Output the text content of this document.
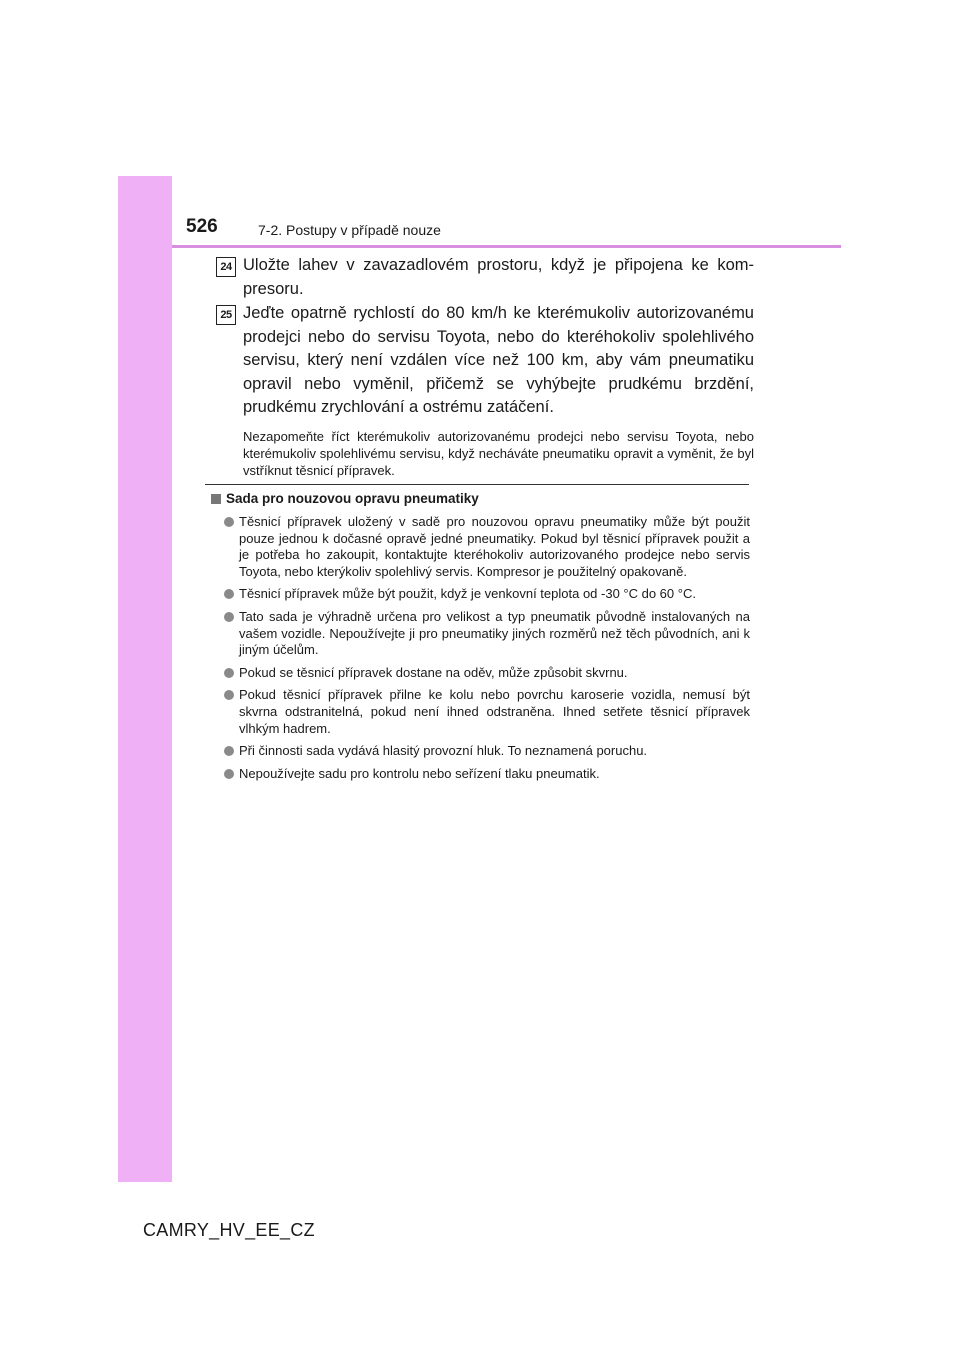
526	7-2. Postupy v případě nouze
24 Uložte lahev v zavazadlovém prostoru, když je připojena ke kompresoru.
25 Jeďte opatrně rychlostí do 80 km/h ke kterémukoliv autorizovanému prodejci nebo do servisu Toyota, nebo do kteréhokoliv spolehlivého servisu, který není vzdálen více než 100 km, aby vám pneumatiku opravil nebo vyměnil, přičemž se vyhýbejte prudkému brzdění, prudkému zrychlování a ostrému zatáčení.
Nezapomeňte říct kterémukoliv autorizovanému prodejci nebo servisu Toyota, nebo kterémukoliv spolehlivému servisu, když necháváte pneumatiku opravit a vyměnit, že byl vstříknut těsnicí přípravek.
Sada pro nouzovou opravu pneumatiky
Těsnicí přípravek uložený v sadě pro nouzovou opravu pneumatiky může být použit pouze jednou k dočasné opravě jedné pneumatiky. Pokud byl těsnicí přípravek použit a je potřeba ho zakoupit, kontaktujte kteréhokoliv autorizovaného prodejce nebo servis Toyota, nebo kterýkoliv spolehlivý servis. Kompresor je použitelný opakovaně.
Těsnicí přípravek může být použit, když je venkovní teplota od -30 °C do 60 °C.
Tato sada je výhradně určena pro velikost a typ pneumatik původně instalovaných na vašem vozidle. Nepoužívejte ji pro pneumatiky jiných rozměrů než těch původních, ani k jiným účelům.
Pokud se těsnicí přípravek dostane na oděv, může způsobit skvrnu.
Pokud těsnicí přípravek přilne ke kolu nebo povrchu karoserie vozidla, nemusí být skvrna odstranitelná, pokud není ihned odstraněna. Ihned setřete těsnicí přípravek vlhkým hadrem.
Při činnosti sada vydává hlasitý provozní hluk. To neznamená poruchu.
Nepoužívejte sadu pro kontrolu nebo seřízení tlaku pneumatik.
CAMRY_HV_EE_CZ
